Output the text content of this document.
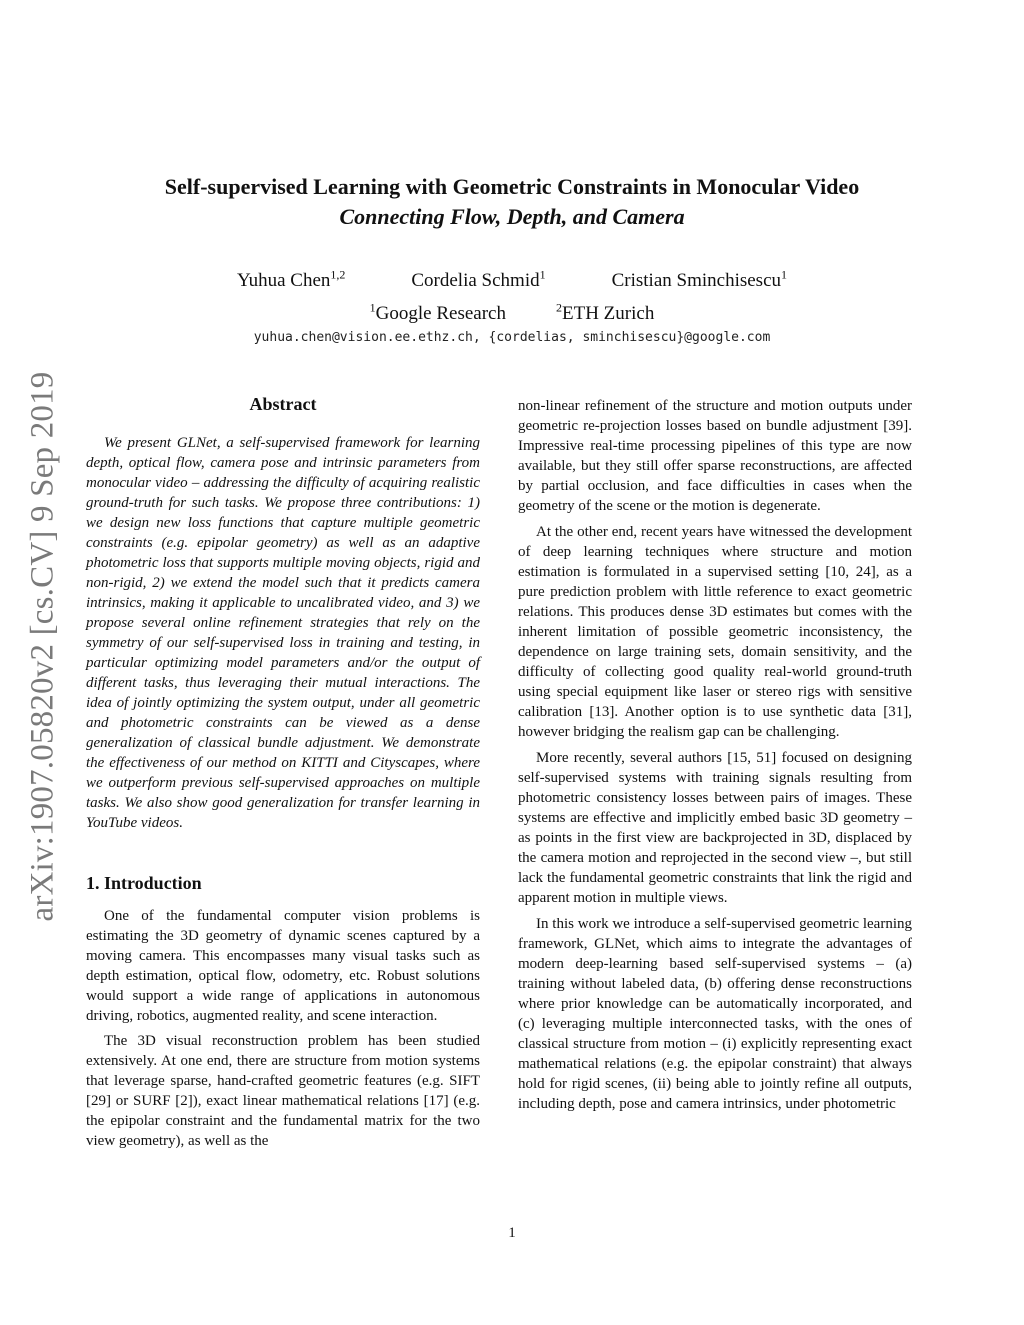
arXiv:1907.05820v2 [cs.CV] 9 Sep 2019
Self-supervised Learning with Geometric Constraints in Monocular Video
Connecting Flow, Depth, and Camera
Yuhua Chen$^{1,2}$	Cordelia Schmid$^1$	Cristian Sminchisescu$^1$
$^1$Google Research	$^2$ETH Zurich
yuhua.chen@vision.ee.ethz.ch, {cordelias, sminchisescu}@google.com
Abstract

We present GLNet, a self-supervised framework for learning depth, optical flow, camera pose and intrinsic parameters from monocular video – addressing the difficulty of acquiring realistic ground-truth for such tasks. We propose three contributions: 1) we design new loss functions that capture multiple geometric constraints (e.g. epipolar geometry) as well as an adaptive photometric loss that supports multiple moving objects, rigid and non-rigid, 2) we extend the model such that it predicts camera intrinsics, making it applicable to uncalibrated video, and 3) we propose several online refinement strategies that rely on the symmetry of our self-supervised loss in training and testing, in particular optimizing model parameters and/or the output of different tasks, thus leveraging their mutual interactions. The idea of jointly optimizing the system output, under all geometric and photometric constraints can be viewed as a dense generalization of classical bundle adjustment. We demonstrate the effectiveness of our method on KITTI and Cityscapes, where we outperform previous self-supervised approaches on multiple tasks. We also show good generalization for transfer learning in YouTube videos.

1. Introduction

One of the fundamental computer vision problems is estimating the 3D geometry of dynamic scenes captured by a moving camera. This encompasses many visual tasks such as depth estimation, optical flow, odometry, etc. Robust solutions would support a wide range of applications in autonomous driving, robotics, augmented reality, and scene interaction.

The 3D visual reconstruction problem has been studied extensively. At one end, there are structure from motion systems that leverage sparse, hand-crafted geometric features (e.g. SIFT [29] or SURF [2]), exact linear mathematical relations [17] (e.g. the epipolar constraint and the fundamental matrix for the two view geometry), as well as the

non-linear refinement of the structure and motion outputs under geometric re-projection losses based on bundle adjustment [39]. Impressive real-time processing pipelines of this type are now available, but they still offer sparse reconstructions, are affected by partial occlusion, and face difficulties in cases when the geometry of the scene or the motion is degenerate.

At the other end, recent years have witnessed the development of deep learning techniques where structure and motion estimation is formulated in a supervised setting [10, 24], as a pure prediction problem with little reference to exact geometric relations. This produces dense 3D estimates but comes with the inherent limitation of possible geometric inconsistency, the dependence on large training sets, domain sensitivity, and the difficulty of collecting good quality real-world ground-truth using special equipment like laser or stereo rigs with sensitive calibration [13]. Another option is to use synthetic data [31], however bridging the realism gap can be challenging.

More recently, several authors [15, 51] focused on designing self-supervised systems with training signals resulting from photometric consistency losses between pairs of images. These systems are effective and implicitly embed basic 3D geometry – as points in the first view are backprojected in 3D, displaced by the camera motion and reprojected in the second view –, but still lack the fundamental geometric constraints that link the rigid and apparent motion in multiple views.

In this work we introduce a self-supervised geometric learning framework, GLNet, which aims to integrate the advantages of modern deep-learning based self-supervised systems – (a) training without labeled data, (b) offering dense reconstructions where prior knowledge can be automatically incorporated, and (c) leveraging multiple interconnected tasks, with the ones of classical structure from motion – (i) explicitly representing exact mathematical relations (e.g. the epipolar constraint) that always hold for rigid scenes, (ii) being able to jointly refine all outputs, including depth, pose and camera intrinsics, under photometric

1
